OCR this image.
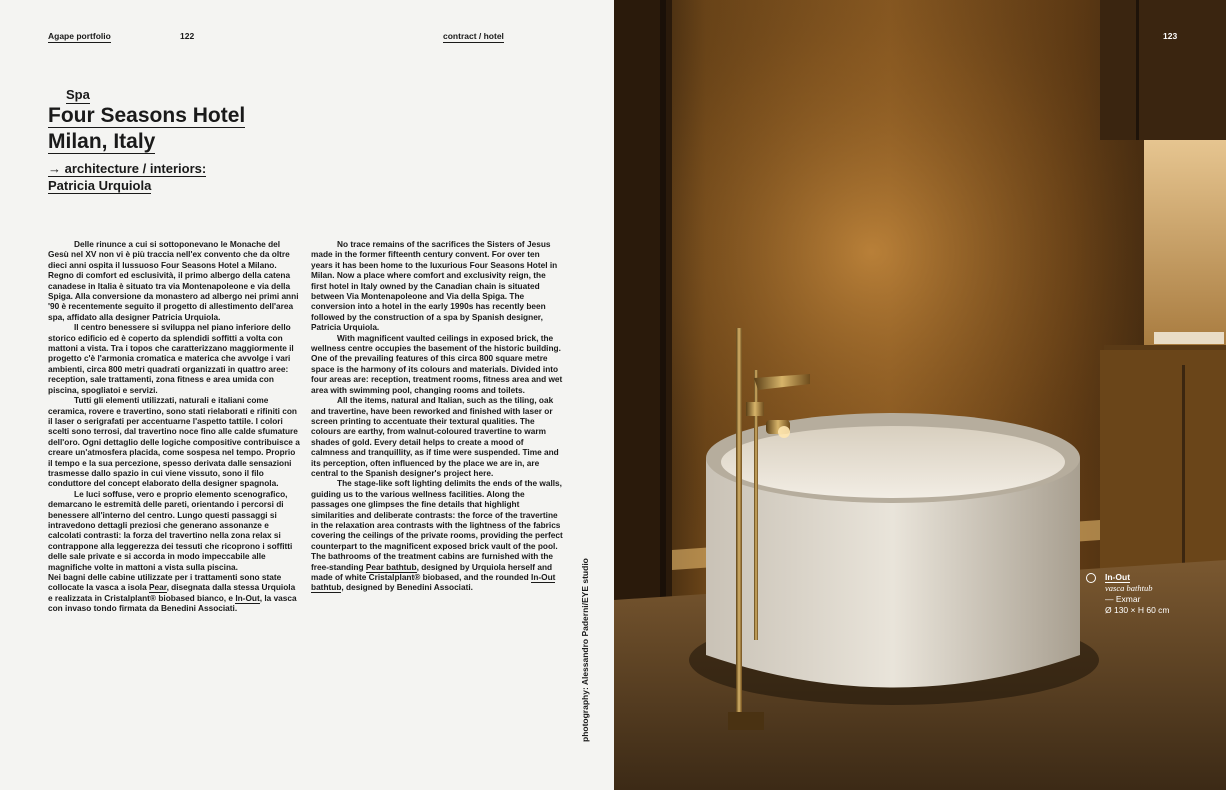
Agape portfolio	122	contract / hotel
Spa
Four Seasons Hotel
Milan, Italy
→ architecture / interiors:
Patricia Urquiola

Delle rinunce a cui si sottoponevano le Monache del Gesù nel XV non vi è più traccia nell'ex convento che da oltre dieci anni ospita il lussuoso Four Seasons Hotel a Milano. Regno di comfort ed esclusività, il primo albergo della catena canadese in Italia è situato tra via Montenapoleone e via della Spiga. Alla conversione da monastero ad albergo nei primi anni '90 è recentemente seguito il progetto di allestimento dell'area spa, affidato alla designer Patricia Urquiola.

Il centro benessere si sviluppa nel piano inferiore dello storico edificio ed è coperto da splendidi soffitti a volta con mattoni a vista. Tra i topos che caratterizzano maggiormente il progetto c'è l'armonia cromatica e materica che avvolge i vari ambienti, circa 800 metri quadrati organizzati in quattro aree: reception, sale trattamenti, zona fitness e area umida con piscina, spogliatoi e servizi.

Tutti gli elementi utilizzati, naturali e italiani come ceramica, rovere e travertino, sono stati rielaborati e rifiniti con il laser o serigrafati per accentuarne l'aspetto tattile. I colori scelti sono terrosi, dal travertino noce fino alle calde sfumature dell'oro. Ogni dettaglio delle logiche compositive contribuisce a creare un'atmosfera placida, come sospesa nel tempo. Proprio il tempo e la sua percezione, spesso derivata dalle sensazioni trasmesse dallo spazio in cui viene vissuto, sono il filo conduttore del concept elaborato della designer spagnola.

Le luci soffuse, vero e proprio elemento scenografico, demarcano le estremità delle pareti, orientando i percorsi di benessere all'interno del centro. Lungo questi passaggi si intravedono dettagli preziosi che generano assonanze e calcolati contrasti: la forza del travertino nella zona relax si contrappone alla leggerezza dei tessuti che ricoprono i soffitti delle sale private e si accorda in modo impeccabile alle magnifiche volte in mattoni a vista sulla piscina.

Nei bagni delle cabine utilizzate per i trattamenti sono state collocate la vasca a isola Pear, disegnata dalla stessa Urquiola e realizzata in Cristalplant® biobased bianco, e In-Out, la vasca con invaso tondo firmata da Benedini Associati.

No trace remains of the sacrifices the Sisters of Jesus made in the former fifteenth century convent. For over ten years it has been home to the luxurious Four Seasons Hotel in Milan. Now a place where comfort and exclusivity reign, the first hotel in Italy owned by the Canadian chain is situated between Via Montenapoleone and Via della Spiga. The conversion into a hotel in the early 1990s has recently been followed by the construction of a spa by Spanish designer, Patricia Urquiola.

With magnificent vaulted ceilings in exposed brick, the wellness centre occupies the basement of the historic building. One of the prevailing features of this circa 800 square metre space is the harmony of its colours and materials. Divided into four areas are: reception, treatment rooms, fitness area and wet area with swimming pool, changing rooms and toilets.

All the items, natural and Italian, such as the tiling, oak and travertine, have been reworked and finished with laser or screen printing to accentuate their textural qualities. The colours are earthy, from walnut-coloured travertine to warm shades of gold. Every detail helps to create a mood of calmness and tranquillity, as if time were suspended. Time and its perception, often influenced by the place we are in, are central to the Spanish designer's project here.

The stage-like soft lighting delimits the ends of the walls, guiding us to the various wellness facilities. Along the passages one glimpses the fine details that highlight similarities and deliberate contrasts: the force of the travertine in the relaxation area contrasts with the lightness of the fabrics covering the ceilings of the private rooms, providing the perfect counterpart to the magnificent exposed brick vault of the pool. The bathrooms of the treatment cabins are furnished with the free-standing Pear bathtub, designed by Urquiola herself and made of white Cristalplant® biobased, and the rounded In-Out bathtub, designed by Benedini Associati.	photography: Alessandro Paderni/EYE studio
123
In-Out
vasca bathtub
— Exmar
Ø 130 × H 60 cm
